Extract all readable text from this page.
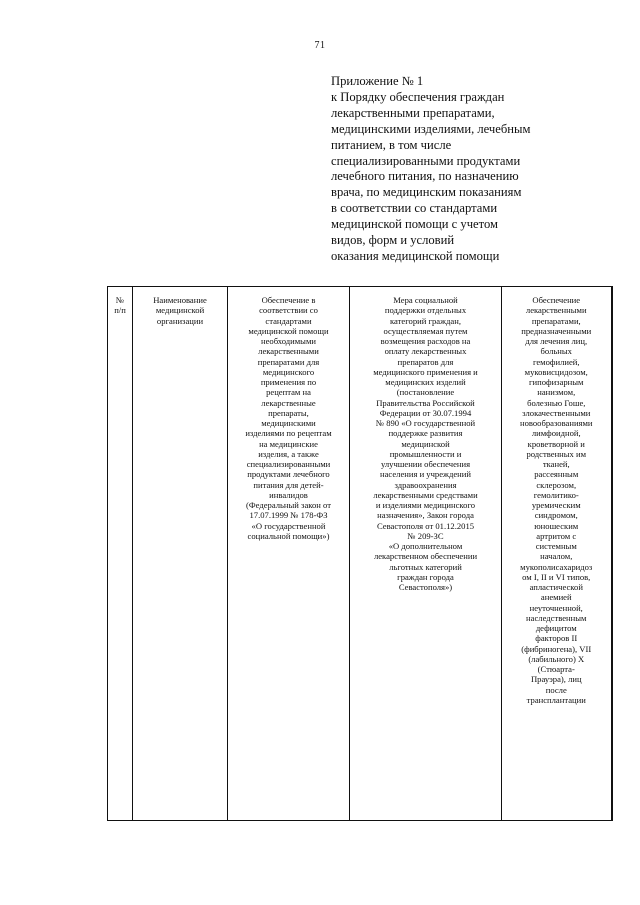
71
Приложение № 1
к Порядку обеспечения граждан
лекарственными препаратами,
медицинскими изделиями, лечебным
питанием, в том числе
специализированными продуктами
лечебного питания, по назначению
врача, по медицинским показаниям
в соответствии со стандартами
медицинской помощи с учетом
видов, форм и условий
оказания медицинской помощи
№
п/п

Наименование
медицинской
организации

Обеспечение в
соответствии со
стандартами
медицинской помощи
необходимыми
лекарственными
препаратами для
медицинского
применения по
рецептам на
лекарственные
препараты,
медицинскими
изделиями по рецептам
на медицинские
изделия, а также
специализированными
продуктами лечебного
питания для детей-
инвалидов
(Федеральный закон от
17.07.1999 № 178-ФЗ
«О государственной
социальной помощи»)

Мера социальной
поддержки отдельных
категорий граждан,
осуществляемая путем
возмещения расходов на
оплату лекарственных
препаратов для
медицинского применения и
медицинских изделий
(постановление
Правительства Российской
Федерации от 30.07.1994
№ 890 «О государственной
поддержке развития
медицинской
промышленности и
улучшении обеспечения
населения и учреждений
здравоохранения
лекарственными средствами
и изделиями медицинского
назначения», Закон города
Севастополя от 01.12.2015
№ 209-ЗС
«О дополнительном
лекарственном обеспечении
льготных категорий
граждан города
Севастополя»)

Обеспечение
лекарственными
препаратами,
предназначенными
для лечения лиц,
больных
гемофилией,
муковисцидозом,
гипофизарным
нанизмом,
болезнью Гоше,
злокачественными
новообразованиями
лимфоидной,
кроветворной и
родственных им
тканей,
рассеянным
склерозом,
гемолитико-
уремическим
синдромом,
юношеским
артритом с
системным
началом,
мукополисахаридоз
ом I, II и VI типов,
апластической
анемией
неуточненной,
наследственным
дефицитом
факторов II
(фибриногена), VII
(лабильного) X
(Стюарта-
Прауэра), лиц
после
трансплантации
